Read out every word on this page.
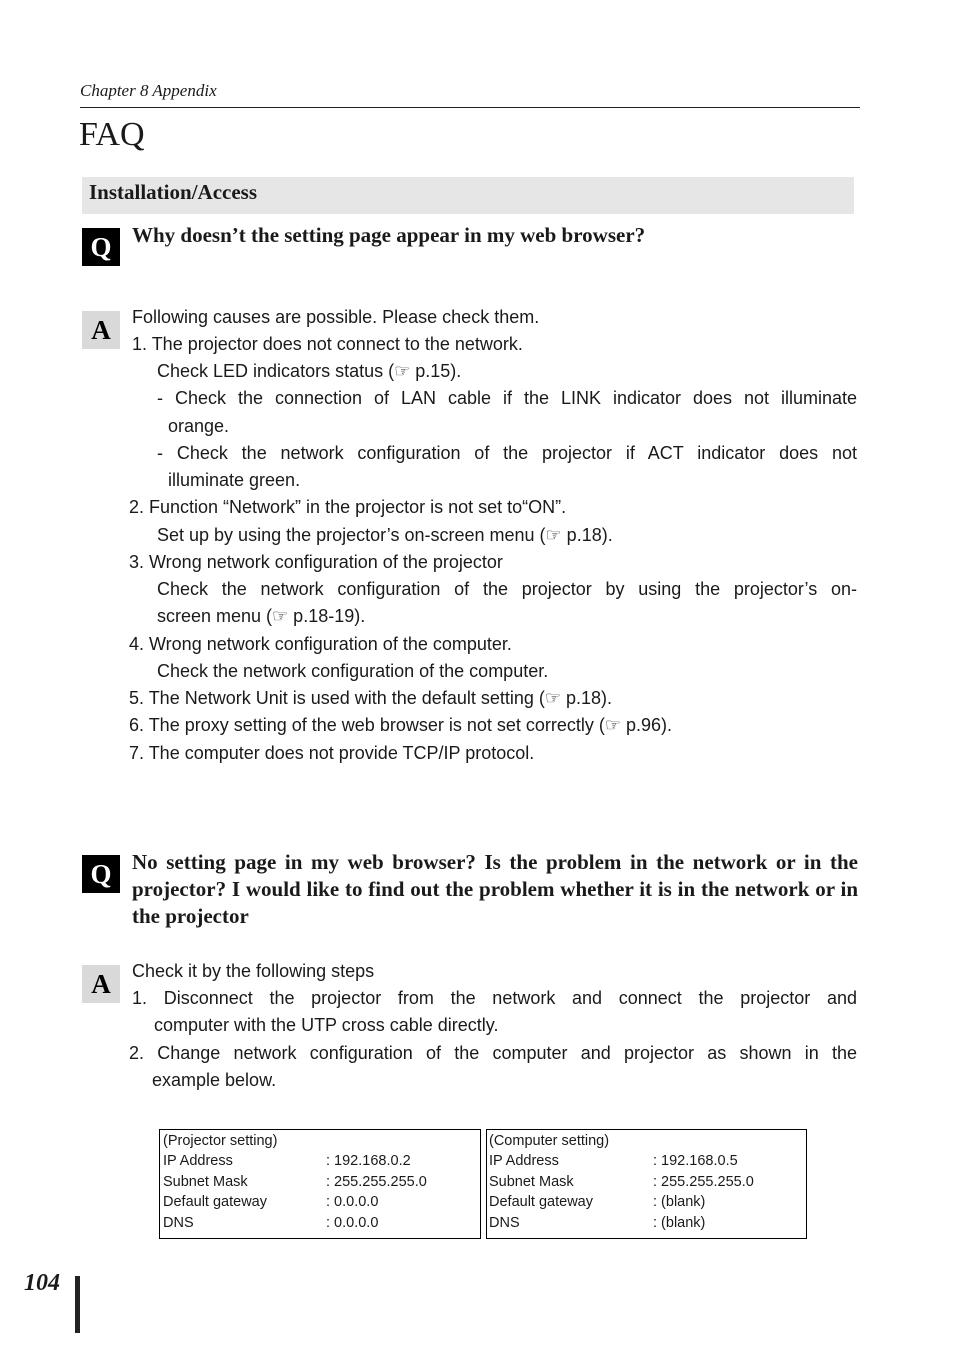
Chapter 8 Appendix
FAQ
Installation/Access
Q Why doesn’t the setting page appear in my web browser?
A	Following causes are possible. Please check them.
1. The projector does not connect to the network.
Check LED indicators status (☞ p.15).
- Check the connection of LAN cable if the LINK indicator does not illuminate
orange.
- Check the network configuration of the projector if ACT indicator does not
illuminate green.
2. Function “Network” in the projector is not set to“ON”.
Set up by using the projector’s on-screen menu (☞ p.18).
3. Wrong network configuration of the projector
Check the network configuration of the projector by using the projector’s on-
screen menu (☞ p.18-19).
4. Wrong network configuration of the computer.
Check the network configuration of the computer.
5. The Network Unit is used with the default setting (☞ p.18).
6. The proxy setting of the web browser is not set correctly (☞ p.96).
7. The computer does not provide TCP/IP protocol.
Q No setting page in my web browser? Is the problem in the network or in the projector? I would like to find out the problem whether it is in the network or in the projector
A	Check it by the following steps
1. Disconnect the projector from the network and connect the projector and
computer with the UTP cross cable directly.
2. Change network configuration of the computer and projector as shown in the
example below.
(Projector setting)
IP Address	: 192.168.0.2
Subnet Mask	: 255.255.255.0
Default gateway	: 0.0.0.0
DNS	: 0.0.0.0
(Computer setting)
IP Address	: 192.168.0.5
Subnet Mask	: 255.255.255.0
Default gateway	: (blank)
DNS	: (blank)
104
